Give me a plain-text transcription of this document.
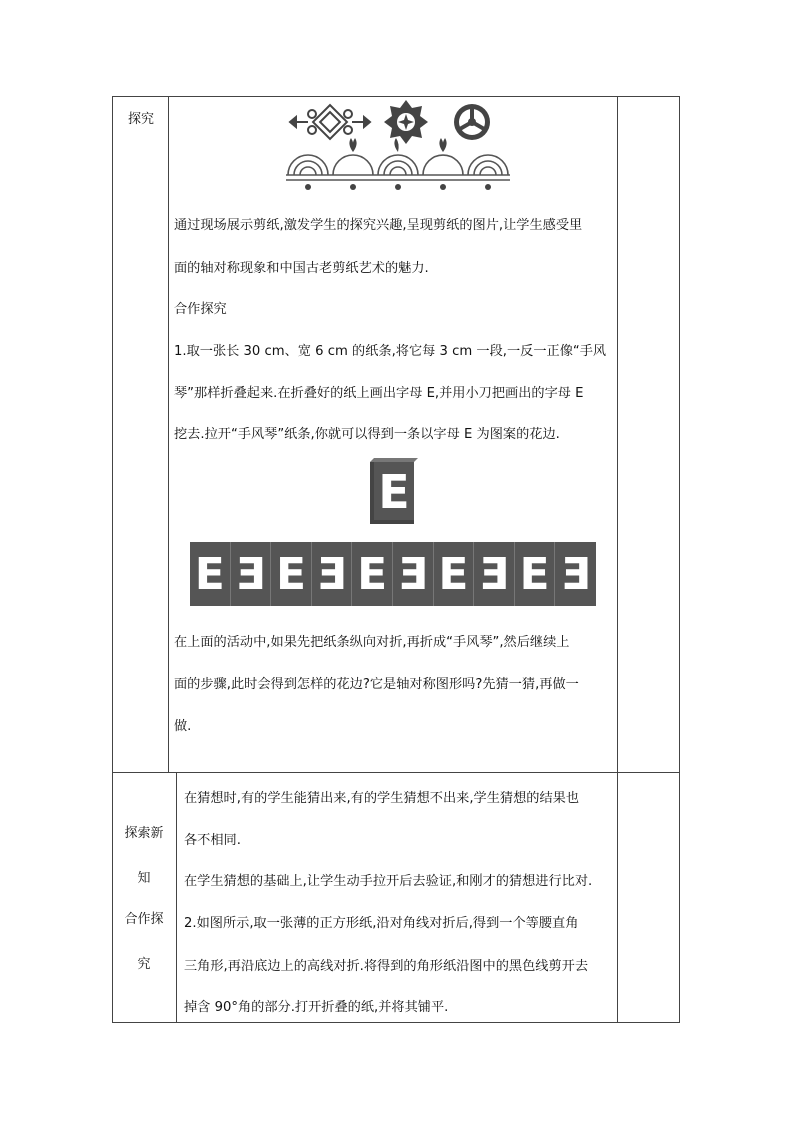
探究
通过现场展示剪纸,激发学生的探究兴趣,呈现剪纸的图片,让学生感受里
面的轴对称现象和中国古老剪纸艺术的魅力.
合作探究
1.取一张长 30 cm、宽 6 cm 的纸条,将它每 3 cm 一段,一反一正像“手风
琴”那样折叠起来.在折叠好的纸上画出字母 E,并用小刀把画出的字母 E
挖去.拉开“手风琴”纸条,你就可以得到一条以字母 E 为图案的花边.
E
E Ǝ E Ǝ E Ǝ E Ǝ E Ǝ
在上面的活动中,如果先把纸条纵向对折,再折成“手风琴”,然后继续上
面的步骤,此时会得到怎样的花边?它是轴对称图形吗?先猜一猜,再做一
做.
探索新
知
合作探
究
在猜想时,有的学生能猜出来,有的学生猜想不出来,学生猜想的结果也
各不相同.
在学生猜想的基础上,让学生动手拉开后去验证,和刚才的猜想进行比对.
2.如图所示,取一张薄的正方形纸,沿对角线对折后,得到一个等腰直角
三角形,再沿底边上的高线对折.将得到的角形纸沿图中的黑色线剪开去
掉含 90°角的部分.打开折叠的纸,并将其铺平.
